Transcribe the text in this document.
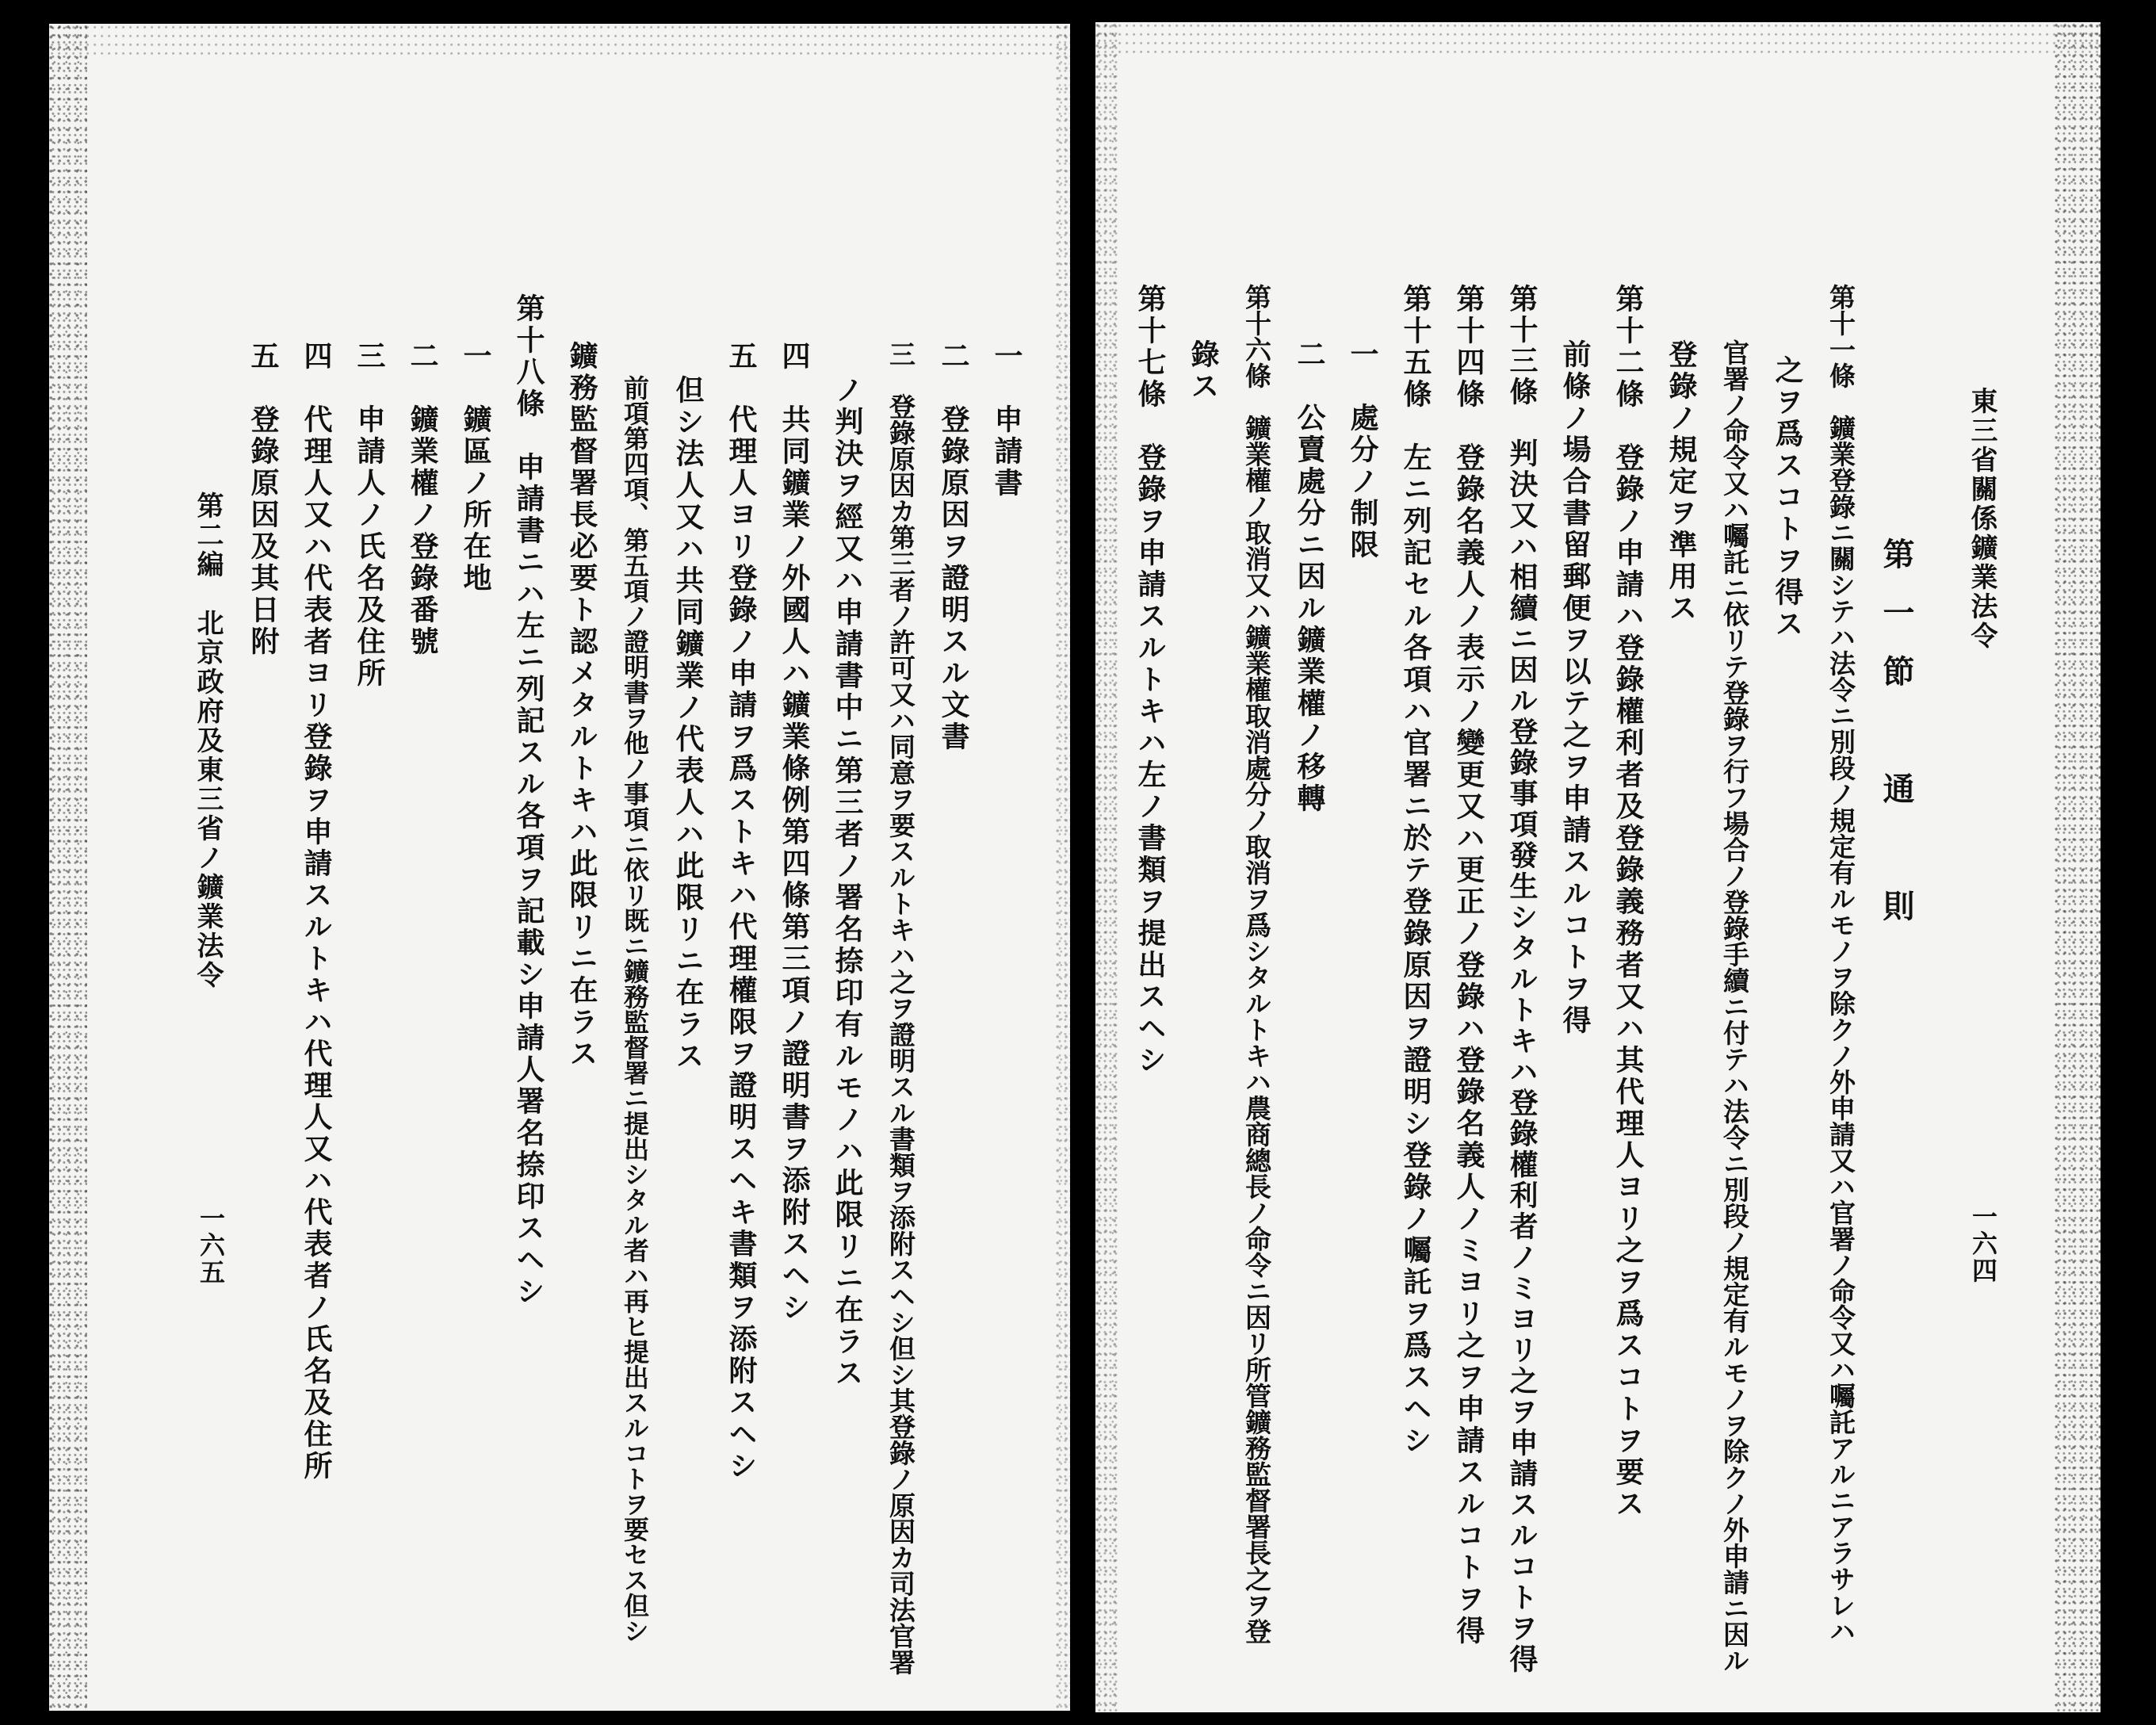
一　申請書
二　登錄原因ヲ證明スル文書
三　登錄原因カ第三者ノ許可又ハ同意ヲ要スルトキハ之ヲ證明スル書類ヲ添附スヘシ但シ其登錄ノ原因カ司法官署
ノ判決ヲ經又ハ申請書中ニ第三者ノ署名捺印有ルモノハ此限リニ在ラス
四　共同鑛業ノ外國人ハ鑛業條例第四條第三項ノ證明書ヲ添附スヘシ
五　代理人ヨリ登錄ノ申請ヲ爲ストキハ代理權限ヲ證明スヘキ書類ヲ添附スヘシ
但シ法人又ハ共同鑛業ノ代表人ハ此限リニ在ラス
前項第四項、第五項ノ證明書ヲ他ノ事項ニ依リ既ニ鑛務監督署ニ提出シタル者ハ再ヒ提出スルコトヲ要セス但シ
鑛務監督署長必要ト認メタルトキハ此限リニ在ラス
第十八條　申請書ニハ左ニ列記スル各項ヲ記載シ申請人署名捺印スヘシ
一　鑛區ノ所在地
二　鑛業權ノ登錄番號
三　申請人ノ氏名及住所
四　代理人又ハ代表者ヨリ登錄ヲ申請スルトキハ代理人又ハ代表者ノ氏名及住所
五　登錄原因及其日附
第二編　北京政府及東三省ノ鑛業法令
一六五
東三省關係鑛業法令
一六四
第一節　通　則
第十一條　鑛業登錄ニ關シテハ法令ニ別段ノ規定有ルモノヲ除クノ外申請又ハ官署ノ命令又ハ囑託アルニアラサレハ
之ヲ爲スコトヲ得ス
官署ノ命令又ハ囑託ニ依リテ登錄ヲ行フ場合ノ登錄手續ニ付テハ法令ニ別段ノ規定有ルモノヲ除クノ外申請ニ因ル
登錄ノ規定ヲ準用ス
第十二條　登錄ノ申請ハ登錄權利者及登錄義務者又ハ其代理人ヨリ之ヲ爲スコトヲ要ス
前條ノ場合書留郵便ヲ以テ之ヲ申請スルコトヲ得
第十三條　判決又ハ相續ニ因ル登錄事項發生シタルトキハ登錄權利者ノミヨリ之ヲ申請スルコトヲ得
第十四條　登錄名義人ノ表示ノ變更又ハ更正ノ登錄ハ登錄名義人ノミヨリ之ヲ申請スルコトヲ得
第十五條　左ニ列記セル各項ハ官署ニ於テ登錄原因ヲ證明シ登錄ノ囑託ヲ爲スヘシ
一　處分ノ制限
二　公賣處分ニ因ル鑛業權ノ移轉
第十六條　鑛業權ノ取消又ハ鑛業權取消處分ノ取消ヲ爲シタルトキハ農商總長ノ命令ニ因リ所管鑛務監督署長之ヲ登
錄ス
第十七條　登錄ヲ申請スルトキハ左ノ書類ヲ提出スヘシ
